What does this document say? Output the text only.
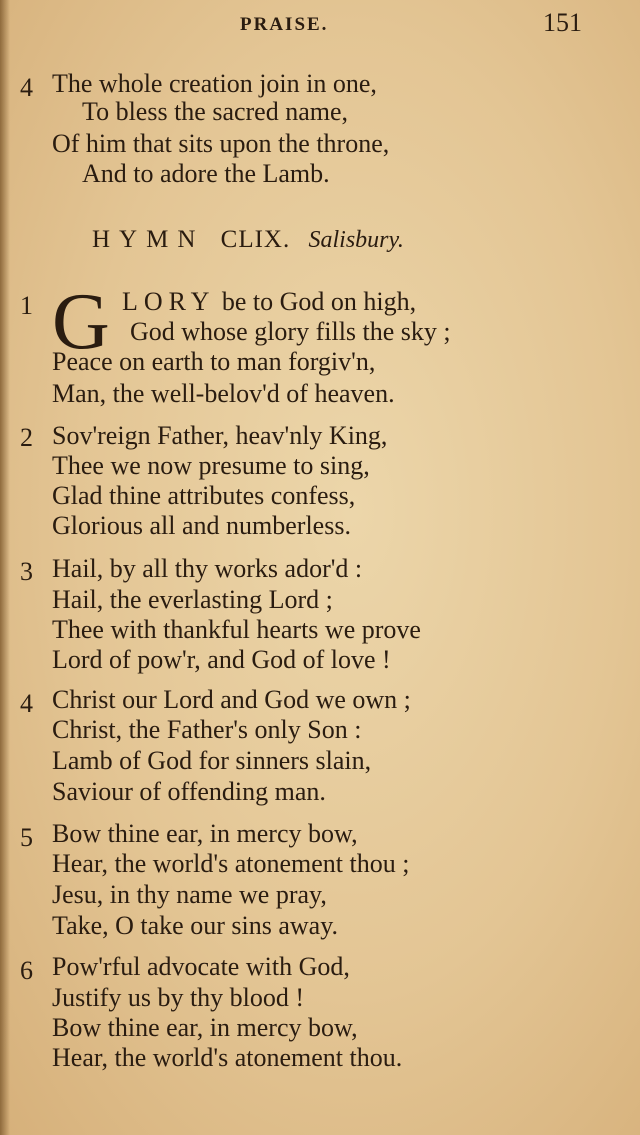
PRAISE.	151
4 The whole creation join in one,
To bless the sacred name,
Of him that sits upon the throne,
And to adore the Lamb.
HYMN CLIX. Salisbury.
1 G LORY be to God on high,
God whose glory fills the sky ;
Peace on earth to man forgiv'n,
Man, the well-belov'd of heaven.
2 Sov'reign Father, heav'nly King,
Thee we now presume to sing,
Glad thine attributes confess,
Glorious all and numberless.
3 Hail, by all thy works ador'd :
Hail, the everlasting Lord ;
Thee with thankful hearts we prove
Lord of pow'r, and God of love !
4 Christ our Lord and God we own ;
Christ, the Father's only Son :
Lamb of God for sinners slain,
Saviour of offending man.
5 Bow thine ear, in mercy bow,
Hear, the world's atonement thou ;
Jesu, in thy name we pray,
Take, O take our sins away.
6 Pow'rful advocate with God,
Justify us by thy blood !
Bow thine ear, in mercy bow,
Hear, the world's atonement thou.
